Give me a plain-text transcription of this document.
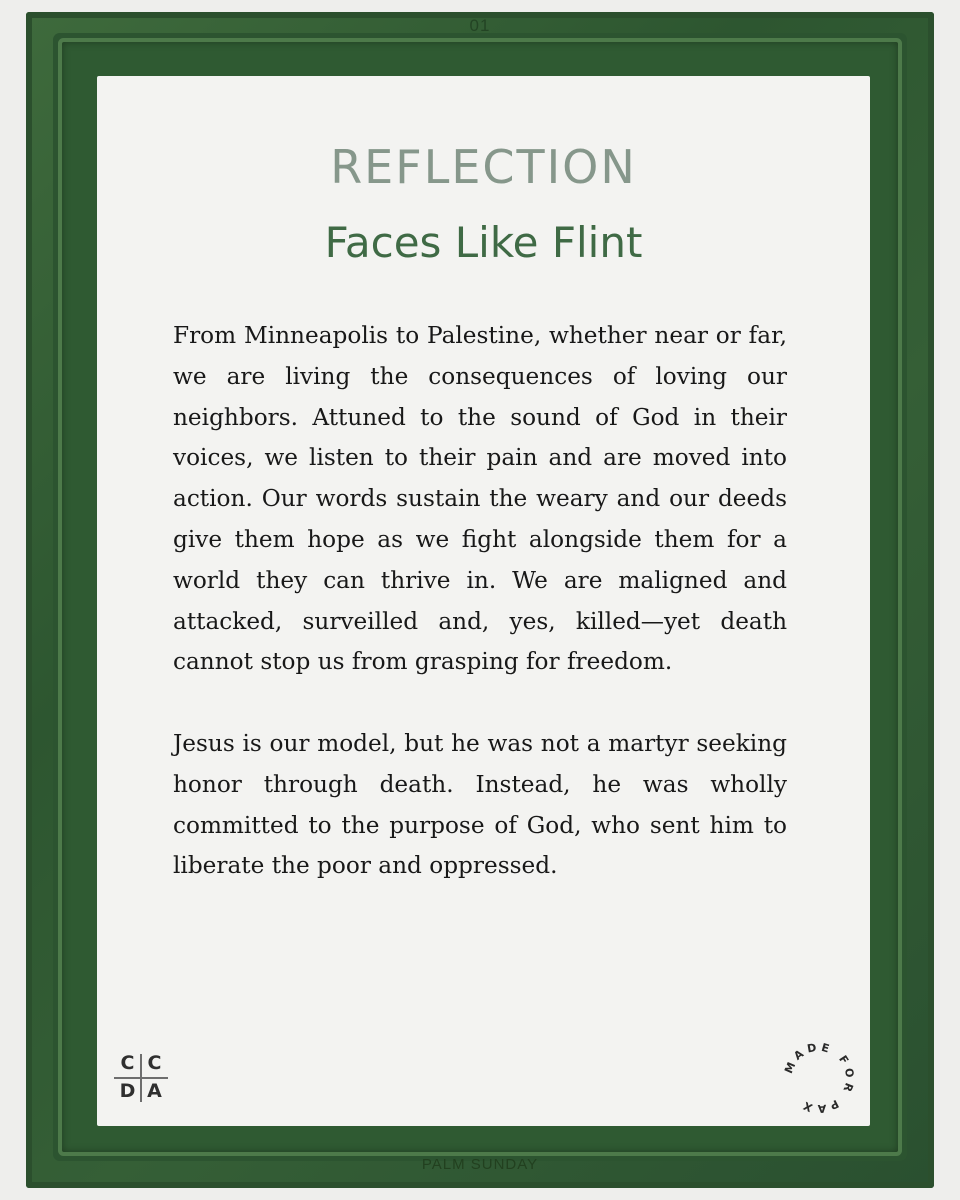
01
REFLECTION
Faces Like Flint

From Minneapolis to Palestine, whether near or far, we are living the consequences of loving our neighbors. Attuned to the sound of God in their voices, we listen to their pain and are moved into action. Our words sustain the weary and our deeds give them hope as we fight alongside them for a world they can thrive in. We are maligned and attacked, surveilled and, yes, killed—yet death cannot stop us from grasping for freedom.

Jesus is our model, but he was not a martyr seeking honor through death. Instead, he was wholly committed to the purpose of God, who sent him to liberate the poor and oppressed.

C C
D A
MADE FOR PAX
PALM SUNDAY
